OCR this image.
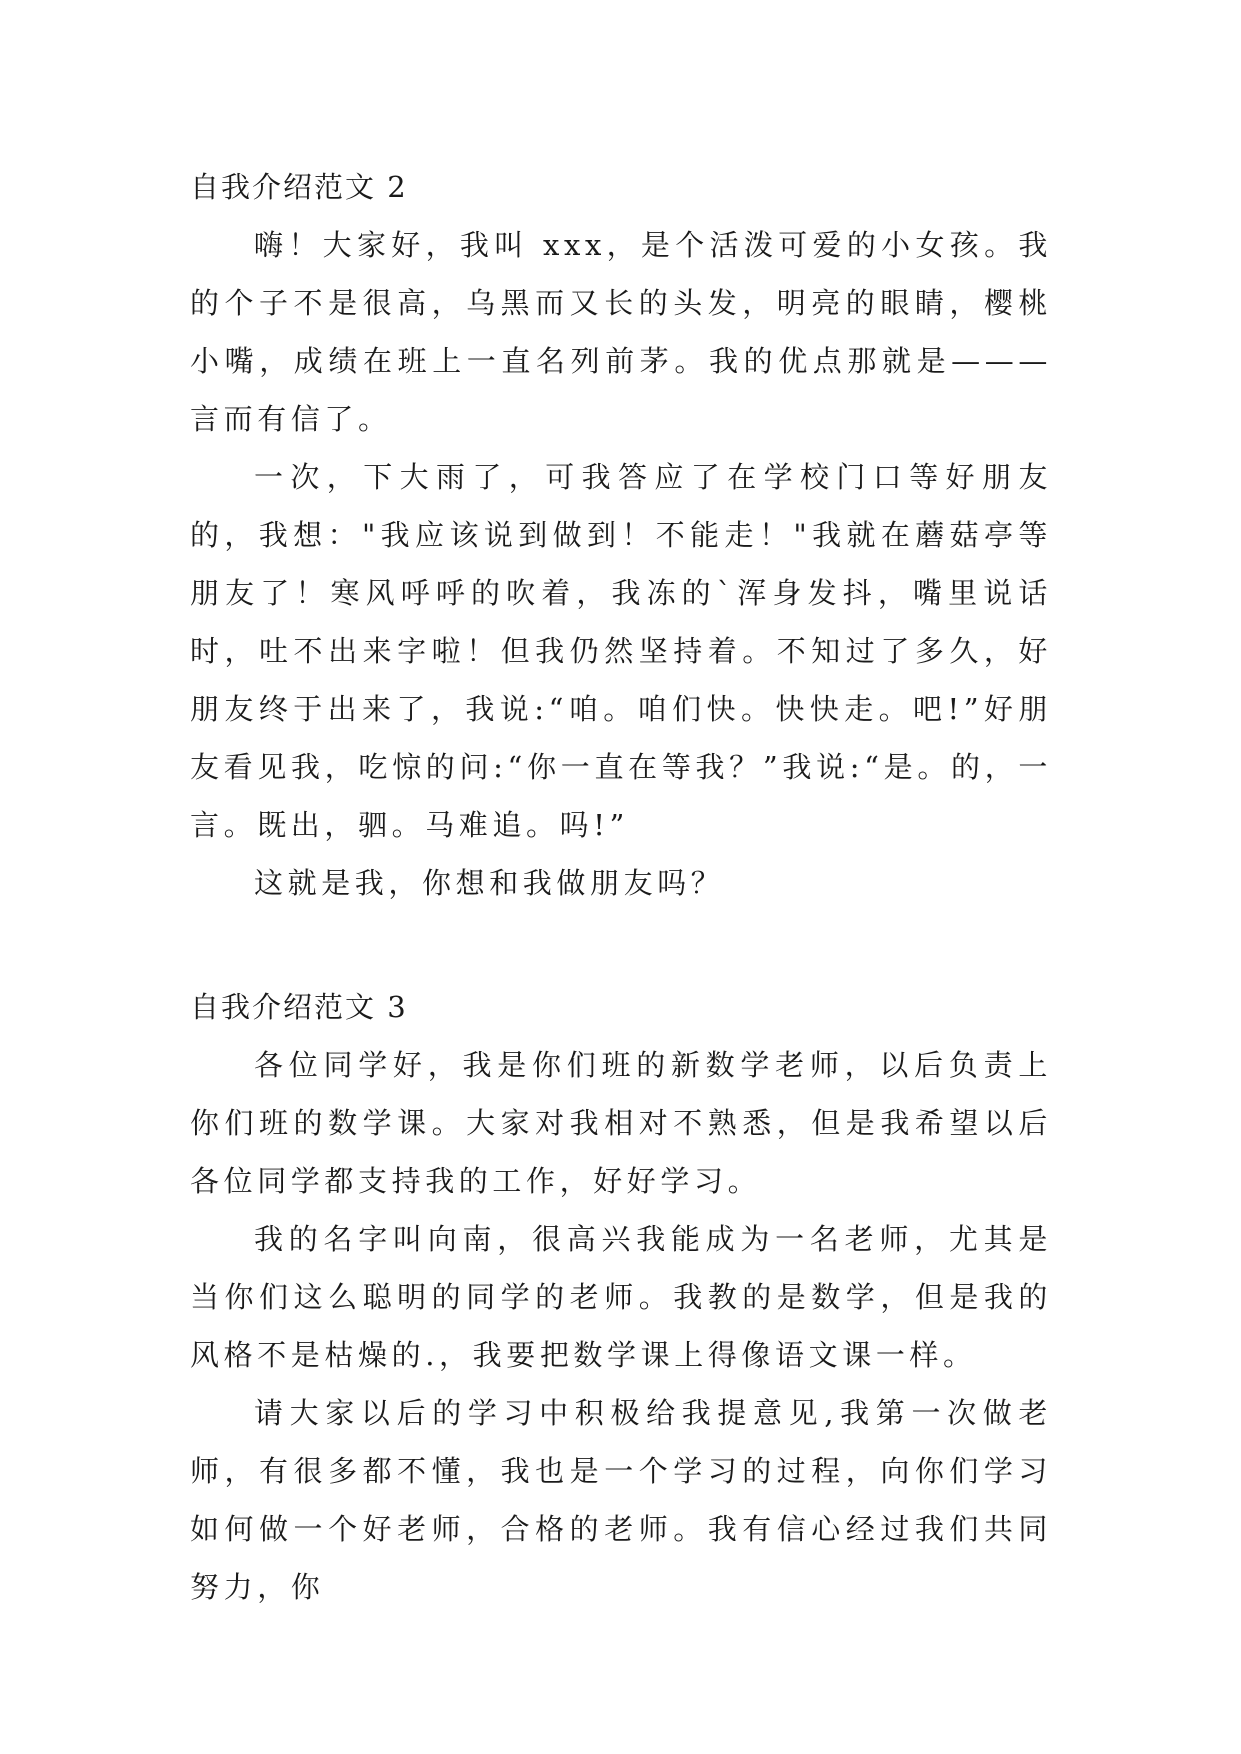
自我介绍范文 2

嗨！大家好，我叫 xxx，是个活泼可爱的小女孩。我的个子不是很高，乌黑而又长的头发，明亮的眼睛，樱桃小嘴，成绩在班上一直名列前茅。我的优点那就是———言而有信了。

一次，下大雨了，可我答应了在学校门口等好朋友的，我想："我应该说到做到！不能走！"我就在蘑菇亭等朋友了！寒风呼呼的吹着，我冻的`浑身发抖，嘴里说话时，吐不出来字啦！但我仍然坚持着。不知过了多久，好朋友终于出来了，我说:“咱。咱们快。快快走。吧!”好朋友看见我，吃惊的问:“你一直在等我？”我说:“是。的，一言。既出，驷。马难追。吗!”

这就是我，你想和我做朋友吗？

自我介绍范文 3

各位同学好，我是你们班的新数学老师，以后负责上你们班的数学课。大家对我相对不熟悉，但是我希望以后各位同学都支持我的工作，好好学习。

我的名字叫向南，很高兴我能成为一名老师，尤其是当你们这么聪明的同学的老师。我教的是数学，但是我的风格不是枯燥的.，我要把数学课上得像语文课一样。

请大家以后的学习中积极给我提意见,我第一次做老师，有很多都不懂，我也是一个学习的过程，向你们学习如何做一个好老师，合格的老师。我有信心经过我们共同努力，你
